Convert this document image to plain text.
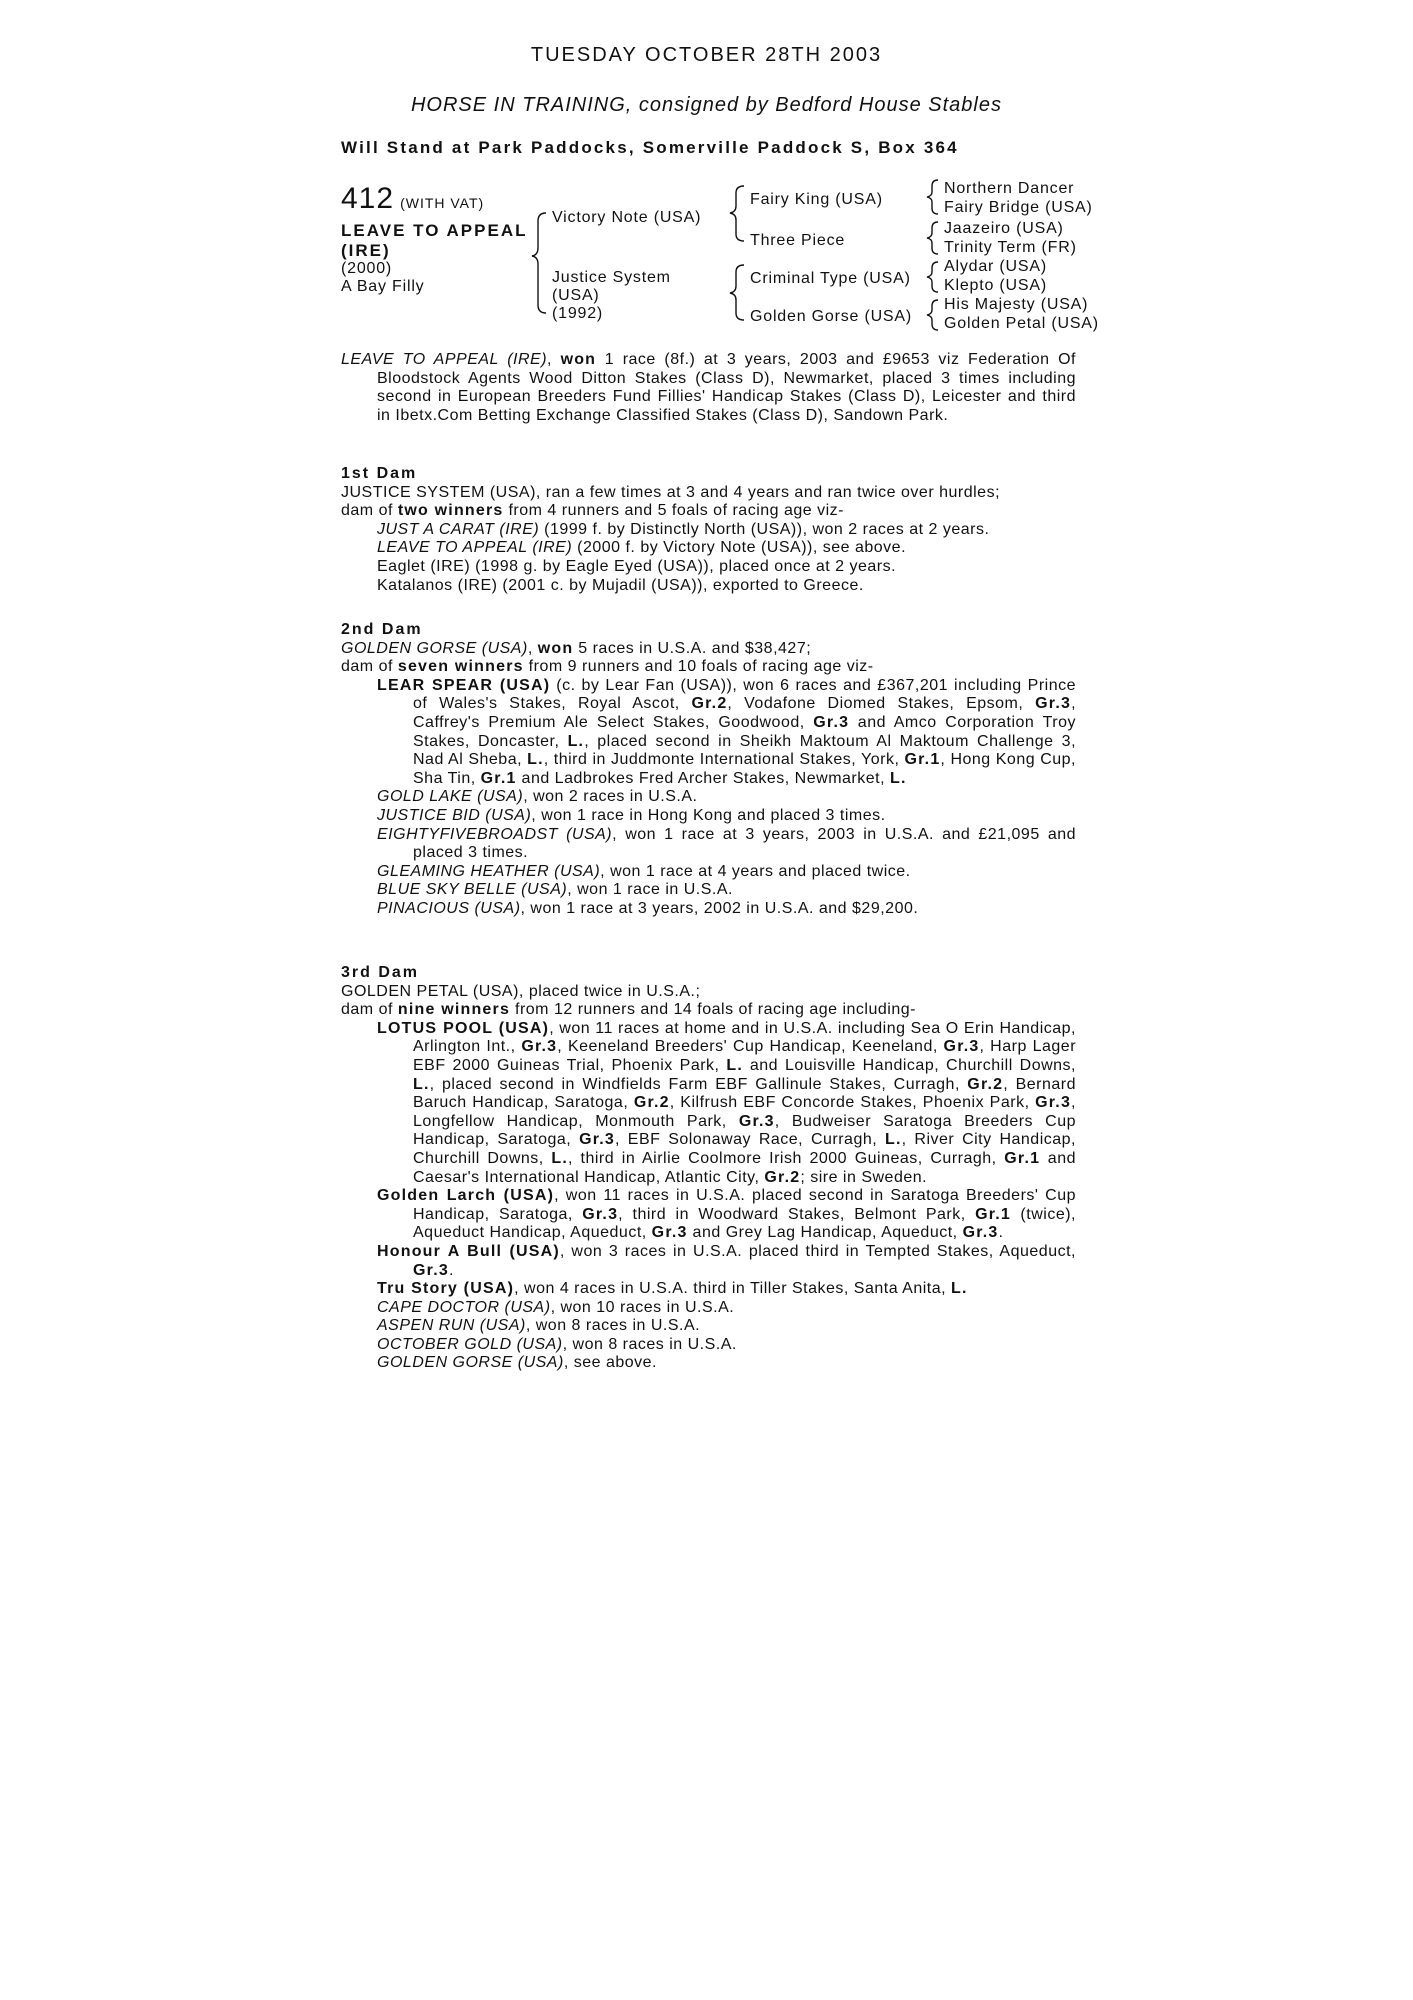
TUESDAY OCTOBER 28TH 2003
HORSE IN TRAINING, consigned by Bedford House Stables
Will Stand at Park Paddocks, Somerville Paddock S, Box 364
412 (WITH VAT)
LEAVE TO APPEAL
(IRE)
(2000)
A Bay Filly
Victory Note (USA)
Justice System
(USA)
(1992)
Fairy King (USA)
Three Piece
Criminal Type (USA)
Golden Gorse (USA)
Northern Dancer
Fairy Bridge (USA)
Jaazeiro (USA)
Trinity Term (FR)
Alydar (USA)
Klepto (USA)
His Majesty (USA)
Golden Petal (USA)

LEAVE TO APPEAL (IRE), won 1 race (8f.) at 3 years, 2003 and £9653 viz Federation Of Bloodstock Agents Wood Ditton Stakes (Class D), Newmarket, placed 3 times including second in European Breeders Fund Fillies' Handicap Stakes (Class D), Leicester and third in Ibetx.Com Betting Exchange Classified Stakes (Class D), Sandown Park.

1st Dam

JUSTICE SYSTEM (USA), ran a few times at 3 and 4 years and ran twice over hurdles;

dam of two winners from 4 runners and 5 foals of racing age viz-

JUST A CARAT (IRE) (1999 f. by Distinctly North (USA)), won 2 races at 2 years.

LEAVE TO APPEAL (IRE) (2000 f. by Victory Note (USA)), see above.

Eaglet (IRE) (1998 g. by Eagle Eyed (USA)), placed once at 2 years.

Katalanos (IRE) (2001 c. by Mujadil (USA)), exported to Greece.

2nd Dam

GOLDEN GORSE (USA), won 5 races in U.S.A. and $38,427;

dam of seven winners from 9 runners and 10 foals of racing age viz-

LEAR SPEAR (USA) (c. by Lear Fan (USA)), won 6 races and £367,201 including Prince of Wales's Stakes, Royal Ascot, Gr.2, Vodafone Diomed Stakes, Epsom, Gr.3, Caffrey's Premium Ale Select Stakes, Goodwood, Gr.3 and Amco Corporation Troy Stakes, Doncaster, L., placed second in Sheikh Maktoum Al Maktoum Challenge 3, Nad Al Sheba, L., third in Juddmonte International Stakes, York, Gr.1, Hong Kong Cup, Sha Tin, Gr.1 and Ladbrokes Fred Archer Stakes, Newmarket, L.

GOLD LAKE (USA), won 2 races in U.S.A.

JUSTICE BID (USA), won 1 race in Hong Kong and placed 3 times.

EIGHTYFIVEBROADST (USA), won 1 race at 3 years, 2003 in U.S.A. and £21,095 and placed 3 times.

GLEAMING HEATHER (USA), won 1 race at 4 years and placed twice.

BLUE SKY BELLE (USA), won 1 race in U.S.A.

PINACIOUS (USA), won 1 race at 3 years, 2002 in U.S.A. and $29,200.

3rd Dam

GOLDEN PETAL (USA), placed twice in U.S.A.;

dam of nine winners from 12 runners and 14 foals of racing age including-

LOTUS POOL (USA), won 11 races at home and in U.S.A. including Sea O Erin Handicap, Arlington Int., Gr.3, Keeneland Breeders' Cup Handicap, Keeneland, Gr.3, Harp Lager EBF 2000 Guineas Trial, Phoenix Park, L. and Louisville Handicap, Churchill Downs, L., placed second in Windfields Farm EBF Gallinule Stakes, Curragh, Gr.2, Bernard Baruch Handicap, Saratoga, Gr.2, Kilfrush EBF Concorde Stakes, Phoenix Park, Gr.3, Longfellow Handicap, Monmouth Park, Gr.3, Budweiser Saratoga Breeders Cup Handicap, Saratoga, Gr.3, EBF Solonaway Race, Curragh, L., River City Handicap, Churchill Downs, L., third in Airlie Coolmore Irish 2000 Guineas, Curragh, Gr.1 and Caesar's International Handicap, Atlantic City, Gr.2; sire in Sweden.

Golden Larch (USA), won 11 races in U.S.A. placed second in Saratoga Breeders' Cup Handicap, Saratoga, Gr.3, third in Woodward Stakes, Belmont Park, Gr.1 (twice), Aqueduct Handicap, Aqueduct, Gr.3 and Grey Lag Handicap, Aqueduct, Gr.3.

Honour A Bull (USA), won 3 races in U.S.A. placed third in Tempted Stakes, Aqueduct, Gr.3.

Tru Story (USA), won 4 races in U.S.A. third in Tiller Stakes, Santa Anita, L.

CAPE DOCTOR (USA), won 10 races in U.S.A.

ASPEN RUN (USA), won 8 races in U.S.A.

OCTOBER GOLD (USA), won 8 races in U.S.A.

GOLDEN GORSE (USA), see above.
